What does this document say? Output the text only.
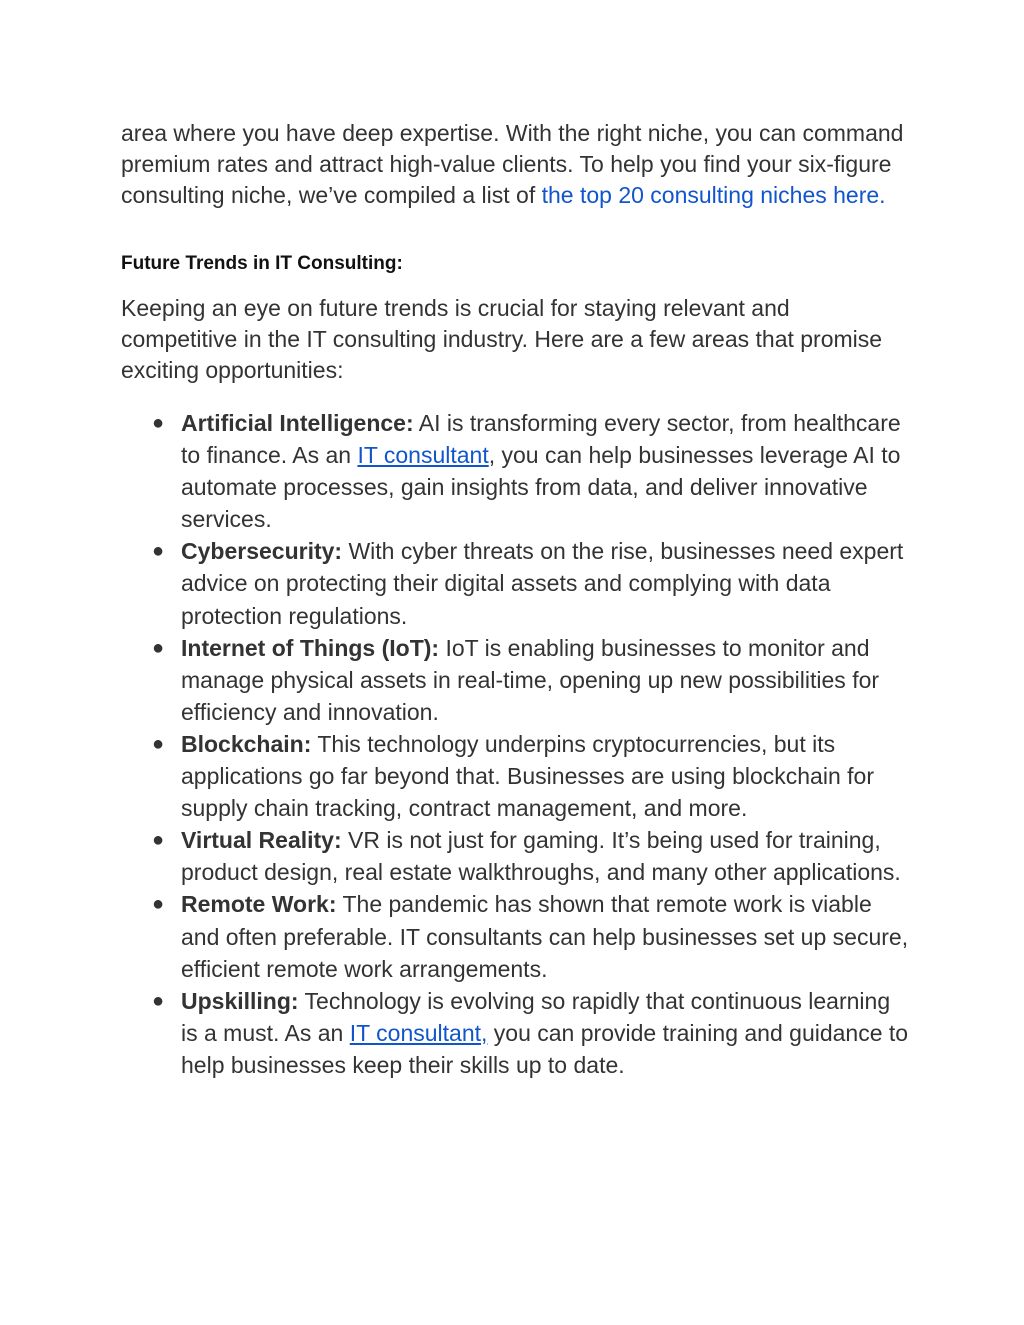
area where you have deep expertise. With the right niche, you can command premium rates and attract high-value clients. To help you find your six-figure consulting niche, we’ve compiled a list of the top 20 consulting niches here.

Future Trends in IT Consulting:

Keeping an eye on future trends is crucial for staying relevant and competitive in the IT consulting industry. Here are a few areas that promise exciting opportunities:

● Artificial Intelligence: AI is transforming every sector, from healthcare to finance. As an IT consultant, you can help businesses leverage AI to automate processes, gain insights from data, and deliver innovative services.
● Cybersecurity: With cyber threats on the rise, businesses need expert advice on protecting their digital assets and complying with data protection regulations.
● Internet of Things (IoT): IoT is enabling businesses to monitor and manage physical assets in real-time, opening up new possibilities for efficiency and innovation.
● Blockchain: This technology underpins cryptocurrencies, but its applications go far beyond that. Businesses are using blockchain for supply chain tracking, contract management, and more.
● Virtual Reality: VR is not just for gaming. It’s being used for training, product design, real estate walkthroughs, and many other applications.
● Remote Work: The pandemic has shown that remote work is viable and often preferable. IT consultants can help businesses set up secure, efficient remote work arrangements.
● Upskilling: Technology is evolving so rapidly that continuous learning is a must. As an IT consultant, you can provide training and guidance to help businesses keep their skills up to date.
